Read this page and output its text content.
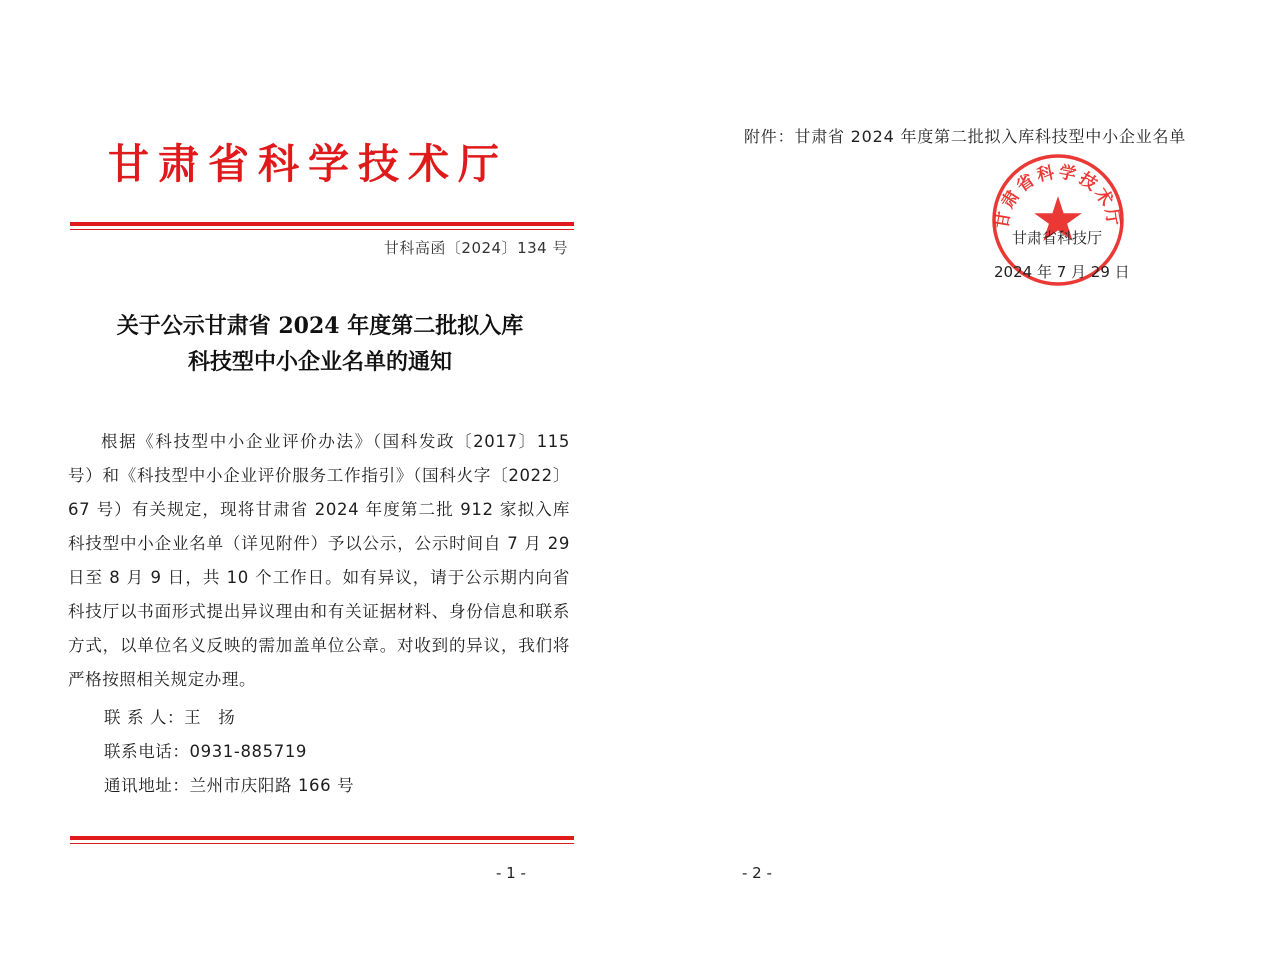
甘肃省科学技术厅
甘科高函〔2024〕134 号
关于公示甘肃省 2024 年度第二批拟入库
科技型中小企业名单的通知
根据《科技型中小企业评价办法》（国科发政〔2017〕115 号）和《科技型中小企业评价服务工作指引》（国科火字〔2022〕67 号）有关规定，现将甘肃省 2024 年度第二批 912 家拟入库科技型中小企业名单（详见附件）予以公示，公示时间自 7 月 29 日至 8 月 9 日，共 10 个工作日。如有异议，请于公示期内向省科技厅以书面形式提出异议理由和有关证据材料、身份信息和联系方式，以单位名义反映的需加盖单位公章。对收到的异议，我们将严格按照相关规定办理。
联 系 人：王　扬
联系电话：0931-885719
通讯地址：兰州市庆阳路 166 号
- 1 -
附件：甘肃省 2024 年度第二批拟入库科技型中小企业名单
甘肃省科学技术厅
甘肃省科技厅
2024 年 7 月 29 日
- 2 -
